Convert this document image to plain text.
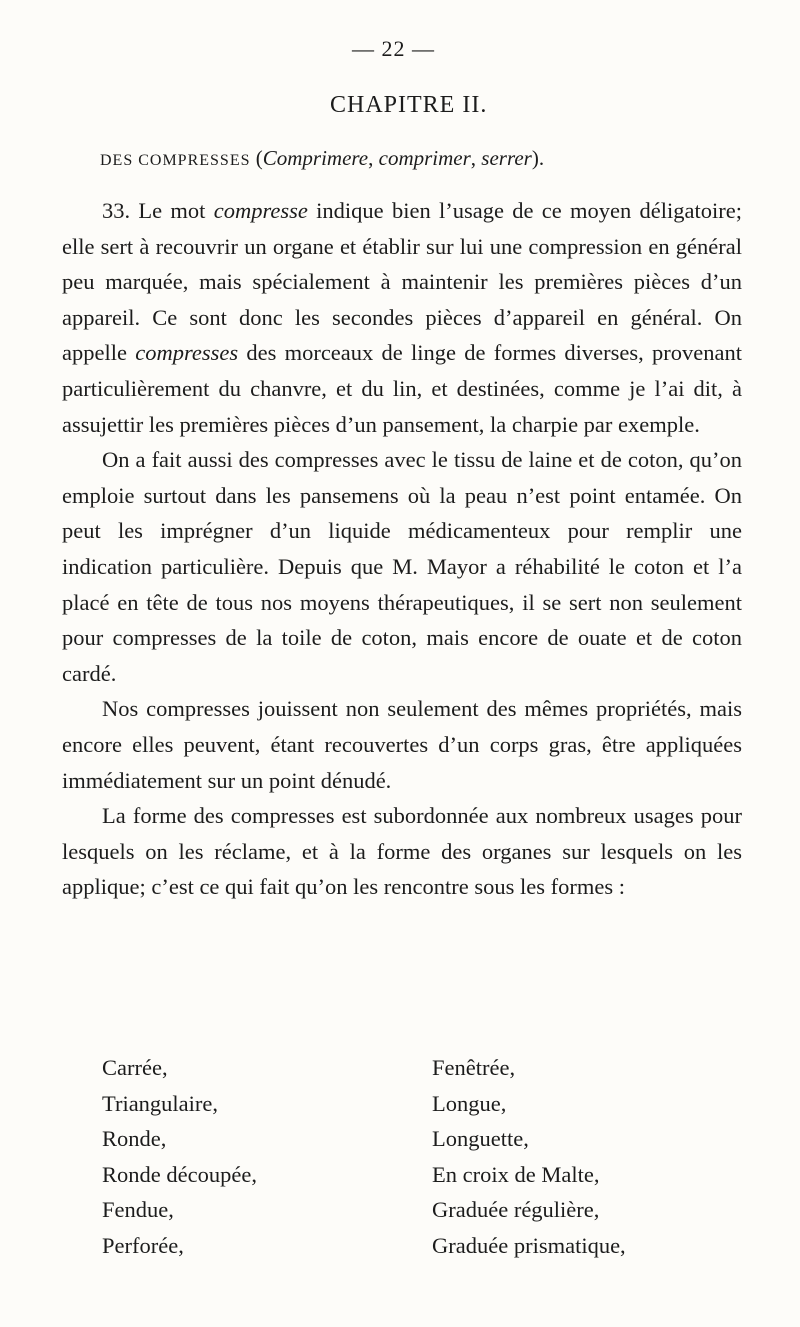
— 22 —
CHAPITRE II.
DES COMPRESSES (Comprimere, comprimer, serrer).

33. Le mot compresse indique bien l’usage de ce moyen déligatoire; elle sert à recouvrir un organe et établir sur lui une compression en général peu marquée, mais spécialement à maintenir les premières pièces d’un appareil. Ce sont donc les secondes pièces d’appareil en général. On appelle compresses des morceaux de linge de formes diverses, provenant particulièrement du chanvre, et du lin, et destinées, comme je l’ai dit, à assujettir les premières pièces d’un pansement, la charpie par exemple.

On a fait aussi des compresses avec le tissu de laine et de coton, qu’on emploie surtout dans les pansemens où la peau n’est point entamée. On peut les imprégner d’un liquide médicamenteux pour remplir une indication particulière. Depuis que M. Mayor a réhabilité le coton et l’a placé en tête de tous nos moyens thérapeutiques, il se sert non seulement pour compresses de la toile de coton, mais encore de ouate et de coton cardé.

Nos compresses jouissent non seulement des mêmes propriétés, mais encore elles peuvent, étant recouvertes d’un corps gras, être appliquées immédiatement sur un point dénudé.

La forme des compresses est subordonnée aux nombreux usages pour lesquels on les réclame, et à la forme des organes sur lesquels on les applique; c’est ce qui fait qu’on les rencontre sous les formes :

Carrée,	Fenêtrée,
Triangulaire,	Longue,
Ronde,	Longuette,
Ronde découpée,	En croix de Malte,
Fendue,	Graduée régulière,
Perforée,	Graduée prismatique,
